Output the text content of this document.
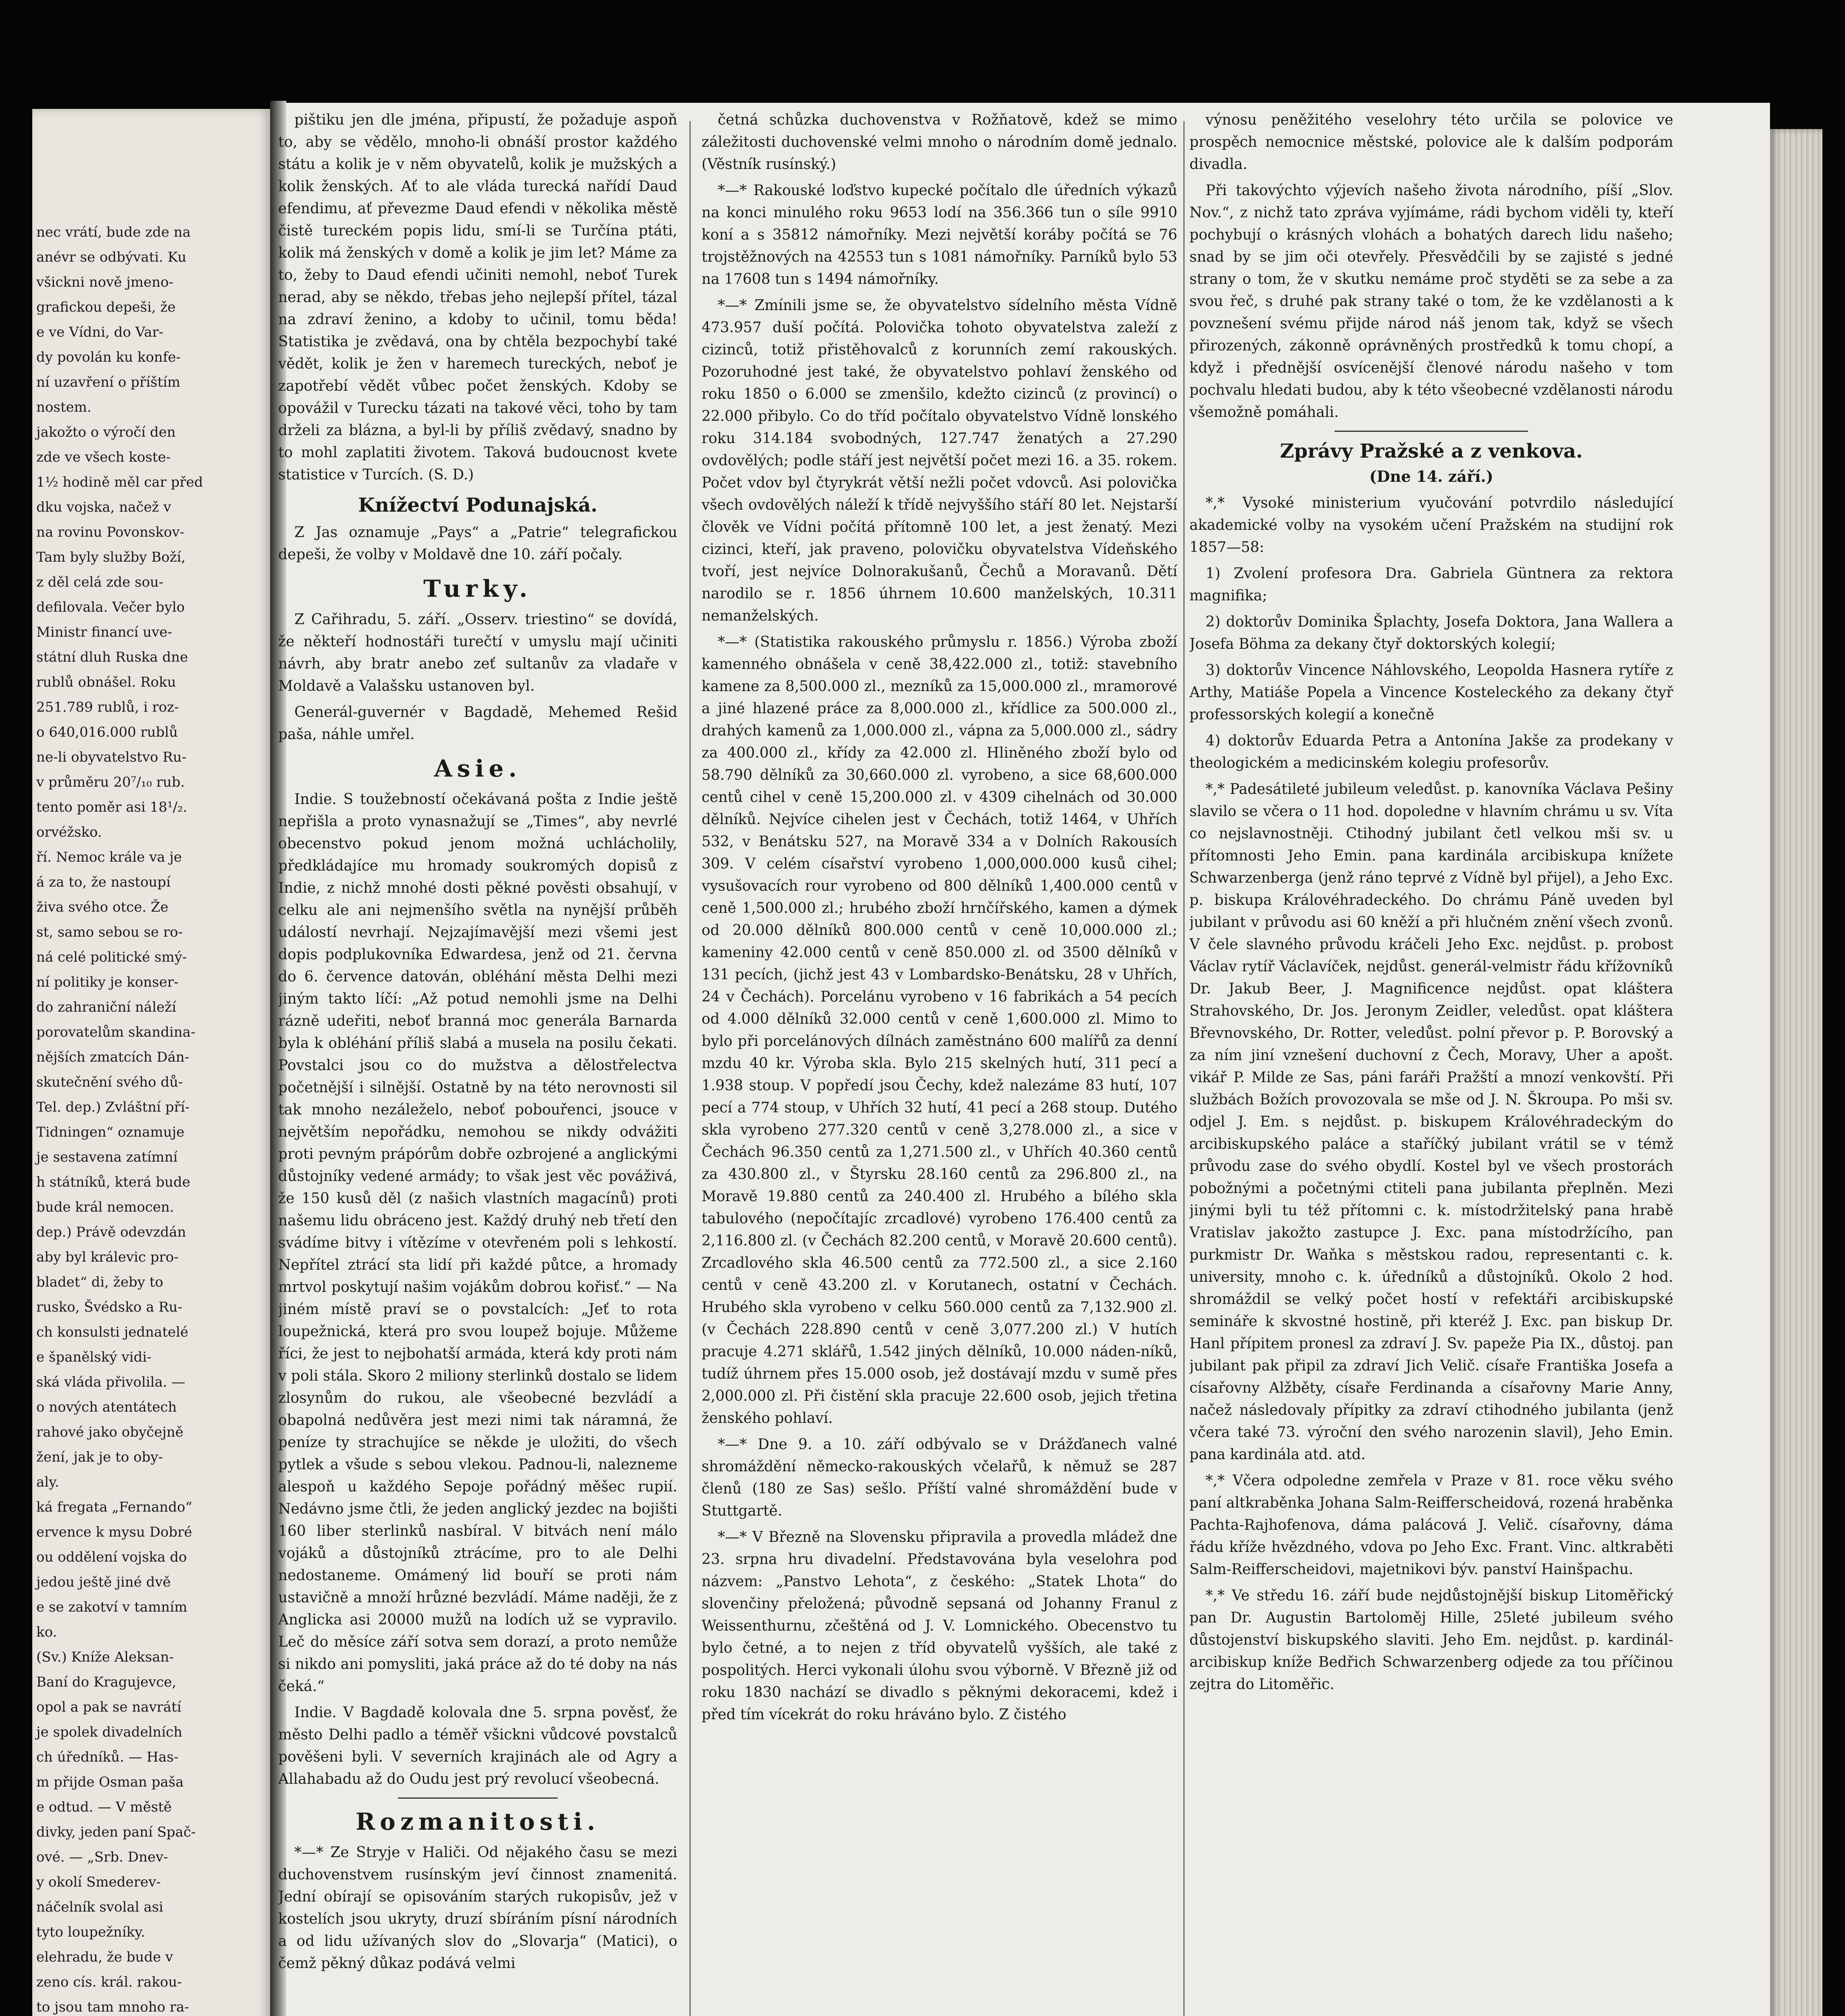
nec vrátí, bude zde na

anévr se odbývati. Ku

všickni nově jmeno-

grafickou depeši, že

e ve Vídni, do Var-

dy povolán ku konfe-

ní uzavření o příštím

nostem.

jakožto o výročí den

zde ve všech koste-

1½ hodině měl car před

dku vojska, načež v

na rovinu Povonskov-

Tam byly služby Boží,

z děl celá zde sou-

defilovala. Večer bylo

Ministr financí uve-

státní dluh Ruska dne

rublů obnášel. Roku

251.789 rublů, i roz-

o 640,016.000 rublů

ne-li obyvatelstvo Ru-

v průměru 20⁷/₁₀ rub.

tento poměr asi 18¹/₂.

orvéžsko.

ří. Nemoc krále va je

á za to, že nastoupí

živa svého otce. Že

st, samo sebou se ro-

ná celé politické smý-

ní politiky je konser-

do zahraniční náleží

porovatelům skandina-

nějších zmatcích Dán-

skutečnění svého dů-

Tel. dep.) Zvláštní pří-

Tidningen“ oznamuje

je sestavena zatímní

h státníků, která bude

bude král nemocen.

dep.) Právě odevzdán

aby byl králevic pro-

bladet“ di, žeby to

rusko, Švédsko a Ru-

ch konsulsti jednatelé

e španělský vidi-

ská vláda přivolila. —

o nových atentátech

rahové jako obyčejně

žení, jak je to oby-

aly.

ká fregata „Fernando“

ervence k mysu Dobré

ou oddělení vojska do

jedou ještě jiné dvě

e se zakotví v tamním

ko.

(Sv.) Kníže Aleksan-

Baní do Kragujevce,

opol a pak se navrátí

je spolek divadelních

ch úředníků. — Has-

m přijde Osman paša

e odtud. — V městě

divky, jeden paní Spač-

ové. — „Srb. Dnev-

y okolí Smederev-

náčelník svolal asi

tyto loupežníky.

elehradu, že bude v

zeno cís. král. rakou-

to jsou tam mnoho ra-

pištiku jen dle jména, připustí, že požaduje aspoň to, aby se vědělo, mnoho-li obnáší prostor každého státu a kolik je v něm obyvatelů, kolik je mužských a kolik ženských. Ať to ale vláda turecká nařídí Daud efendimu, ať převezme Daud efendi v několika městě čistě tureckém popis lidu, smí-li se Turčína ptáti, kolik má ženských v domě a kolik je jim let? Máme za to, žeby to Daud efendi učiniti nemohl, neboť Turek nerad, aby se někdo, třebas jeho nejlepší přítel, tázal na zdraví ženino, a kdoby to učinil, tomu běda! Statistika je zvědavá, ona by chtěla bezpochybí také vědět, kolik je žen v haremech tureckých, neboť je zapotřebí vědět vůbec počet ženských. Kdoby se opovážil v Turecku tázati na takové věci, toho by tam drželi za blázna, a byl-li by příliš zvědavý, snadno by to mohl zaplatiti životem. Taková budoucnost kvete statistice v Turcích. (S. D.)

Knížectví Podunajská.

Z Jas oznamuje „Pays“ a „Patrie“ telegrafickou depeši, že volby v Moldavě dne 10. září počaly.

Turky.

Z Cařihradu, 5. září. „Osserv. triestino“ se dovídá, že někteří hodnostáři turečtí v umyslu mají učiniti návrh, aby bratr anebo zeť sultanův za vladaře v Moldavě a Valašsku ustanoven byl.

Generál-guvernér v Bagdadě, Mehemed Rešid paša, náhle umřel.

Asie.

Indie. S toužebností očekávaná pošta z Indie ještě nepřišla a proto vynasnažují se „Times“, aby nevrlé obecenstvo pokud jenom možná uchlácholily, předkládajíce mu hromady soukromých dopisů z Indie, z nichž mnohé dosti pěkné pověsti obsahují, v celku ale ani nejmenšího světla na nynější průběh událostí nevrhají. Nejzajímavější mezi všemi jest dopis podplukovníka Edwardesa, jenž od 21. června do 6. července datován, obléhání města Delhi mezi jiným takto líčí: „Až potud nemohli jsme na Delhi rázně udeřiti, neboť branná moc generála Barnarda byla k obléhání příliš slabá a musela na posilu čekati. Povstalci jsou co do mužstva a dělostřelectva početnější i silnější. Ostatně by na této nerovnosti sil tak mnoho nezáleželo, neboť pobouřenci, jsouce v největším nepořádku, nemohou se nikdy odvážiti proti pevným prápórům dobře ozbrojené a anglickými důstojníky vedené armády; to však jest věc pováživá, že 150 kusů děl (z našich vlastních magacínů) proti našemu lidu obráceno jest. Každý druhý neb třetí den svádíme bitvy i vítězíme v otevřeném poli s lehkostí. Nepřítel ztrácí sta lidí při každé půtce, a hromady mrtvol poskytují našim vojákům dobrou kořisť.“ — Na jiném místě praví se o povstalcích: „Jeť to rota loupežnická, která pro svou loupež bojuje. Můžeme říci, že jest to nejbohatší armáda, která kdy proti nám v poli stála. Skoro 2 miliony sterlinků dostalo se lidem zlosynům do rukou, ale všeobecné bezvládí a obapolná nedůvěra jest mezi nimi tak náramná, že peníze ty strachujíce se někde je uložiti, do všech pytlek a všude s sebou vlekou. Padnou-li, nalezneme alespoň u každého Sepoje pořádný měšec rupií. Nedávno jsme čtli, že jeden anglický jezdec na bojišti 160 liber sterlinků nasbíral. V bitvách není málo vojáků a důstojníků ztrácíme, pro to ale Delhi nedostaneme. Omámený lid bouří se proti nám ustavičně a množí hrůzné bezvládí. Máme naději, že z Anglicka asi 20000 mužů na lodích už se vypravilo. Leč do měsíce září sotva sem dorazí, a proto nemůže si nikdo ani pomysliti, jaká práce až do té doby na nás čeká.“

Indie. V Bagdadě kolovala dne 5. srpna pověsť, že město Delhi padlo a téměř všickni vůdcové povstalců pověšeni byli. V severních krajinách ale od Agry a Allahabadu až do Oudu jest prý revolucí všeobecná.

Rozmanitosti.

*—* Ze Stryje v Haliči. Od nějakého času se mezi duchovenstvem rusínským jeví činnost znamenitá. Jední obírají se opisováním starých rukopisův, jež v kostelích jsou ukryty, druzí sbíráním písní národních a od lidu užívaných slov do „Slovarja“ (Matici), o čemž pěkný důkaz podává velmi

četná schůzka duchovenstva v Rožňatově, kdež se mimo záležitosti duchovenské velmi mnoho o národním domě jednalo. (Věstník rusínský.)

*—* Rakouské loďstvo kupecké počítalo dle úředních výkazů na konci minulého roku 9653 lodí na 356.366 tun o síle 9910 koní a s 35812 námořníky. Mezi největší koráby počítá se 76 trojstěžnových na 42553 tun s 1081 námořníky. Parníků bylo 53 na 17608 tun s 1494 námořníky.

*—* Zmínili jsme se, že obyvatelstvo sídelního města Vídně 473.957 duší počítá. Polovička tohoto obyvatelstva zaleží z cizinců, totiž přistěhovalců z korunních zemí rakouských. Pozoruhodné jest také, že obyvatelstvo pohlaví ženského od roku 1850 o 6.000 se zmenšilo, kdežto cizinců (z provincí) o 22.000 přibylo. Co do tříd počítalo obyvatelstvo Vídně lonského roku 314.184 svobodných, 127.747 ženatých a 27.290 ovdovělých; podle stáří jest největší počet mezi 16. a 35. rokem. Počet vdov byl čtyrykrát větší nežli počet vdovců. Asi polovička všech ovdovělých náleží k třídě nejvyššího stáří 80 let. Nejstarší člověk ve Vídni počítá přítomně 100 let, a jest ženatý. Mezi cizinci, kteří, jak praveno, polovičku obyvatelstva Vídeňského tvoří, jest nejvíce Dolnorakušanů, Čechů a Moravanů. Dětí narodilo se r. 1856 úhrnem 10.600 manželských, 10.311 nemanželských.

*—* (Statistika rakouského průmyslu r. 1856.) Výroba zboží kamenného obnášela v ceně 38,422.000 zl., totiž: stavebního kamene za 8,500.000 zl., mezníků za 15,000.000 zl., mramorové a jiné hlazené práce za 8,000.000 zl., křídlice za 500.000 zl., drahých kamenů za 1,000.000 zl., vápna za 5,000.000 zl., sádry za 400.000 zl., křídy za 42.000 zl. Hliněného zboží bylo od 58.790 dělníků za 30,660.000 zl. vyrobeno, a sice 68,600.000 centů cihel v ceně 15,200.000 zl. v 4309 cihelnách od 30.000 dělníků. Nejvíce cihelen jest v Čechách, totiž 1464, v Uhřích 532, v Benátsku 527, na Moravě 334 a v Dolních Rakousích 309. V celém císařství vyrobeno 1,000,000.000 kusů cihel; vysušovacích rour vyrobeno od 800 dělníků 1,400.000 centů v ceně 1,500.000 zl.; hrubého zboží hrnčířského, kamen a dýmek od 20.000 dělníků 800.000 centů v ceně 10,000.000 zl.; kameniny 42.000 centů v ceně 850.000 zl. od 3500 dělníků v 131 pecích, (jichž jest 43 v Lombardsko-Benátsku, 28 v Uhřích, 24 v Čechách). Porcelánu vyrobeno v 16 fabrikách a 54 pecích od 4.000 dělníků 32.000 centů v ceně 1,600.000 zl. Mimo to bylo při porcelánových dílnách zaměstnáno 600 malířů za denní mzdu 40 kr. Výroba skla. Bylo 215 skelných hutí, 311 pecí a 1.938 stoup. V popředí jsou Čechy, kdež nalezáme 83 hutí, 107 pecí a 774 stoup, v Uhřích 32 hutí, 41 pecí a 268 stoup. Dutého skla vyrobeno 277.320 centů v ceně 3,278.000 zl., a sice v Čechách 96.350 centů za 1,271.500 zl., v Uhřích 40.360 centů za 430.800 zl., v Štyrsku 28.160 centů za 296.800 zl., na Moravě 19.880 centů za 240.400 zl. Hrubého a bílého skla tabulového (nepočítajíc zrcadlové) vyrobeno 176.400 centů za 2,116.800 zl. (v Čechách 82.200 centů, v Moravě 20.600 centů). Zrcadlového skla 46.500 centů za 772.500 zl., a sice 2.160 centů v ceně 43.200 zl. v Korutanech, ostatní v Čechách. Hrubého skla vyrobeno v celku 560.000 centů za 7,132.900 zl. (v Čechách 228.890 centů v ceně 3,077.200 zl.) V hutích pracuje 4.271 sklářů, 1.542 jiných dělníků, 10.000 náden-níků, tudíž úhrnem přes 15.000 osob, jež dostávají mzdu v sumě přes 2,000.000 zl. Při čistění skla pracuje 22.600 osob, jejich třetina ženského pohlaví.

*—* Dne 9. a 10. září odbývalo se v Drážďanech valné shromáždění německo-rakouských včelařů, k němuž se 287 členů (180 ze Sas) sešlo. Příští valné shromáždění bude v Stuttgartě.

*—* V Březně na Slovensku připravila a provedla mládež dne 23. srpna hru divadelní. Představována byla veselohra pod názvem: „Panstvo Lehota“, z českého: „Statek Lhota“ do slovenčiny přeložená; původně sepsaná od Johanny Franul z Weissenthurnu, zčeštěná od J. V. Lomnického. Obecenstvo tu bylo četné, a to nejen z tříd obyvatelů vyšších, ale také z pospolitých. Herci vykonali úlohu svou výborně. V Březně již od roku 1830 nachází se divadlo s pěknými dekoracemi, kdež i před tím vícekrát do roku hráváno bylo. Z čistého

výnosu peněžitého veselohry této určila se polovice ve prospěch nemocnice městské, polovice ale k dalším podporám divadla.

Při takovýchto výjevích našeho života národního, píší „Slov. Nov.“, z nichž tato zpráva vyjímáme, rádi bychom viděli ty, kteří pochybují o krásných vlohách a bohatých darech lidu našeho; snad by se jim oči otevřely. Přesvědčili by se zajisté s jedné strany o tom, že v skutku nemáme proč styděti se za sebe a za svou řeč, s druhé pak strany také o tom, že ke vzdělanosti a k povznešení svému přijde národ náš jenom tak, když se všech přirozených, zákonně oprávněných prostředků k tomu chopí, a když i přednější osvícenější členové národu našeho v tom pochvalu hledati budou, aby k této všeobecné vzdělanosti národu všemožně pomáhali.

Zprávy Pražské a z venkova.
(Dne 14. září.)

*,* Vysoké ministerium vyučování potvrdilo následující akademické volby na vysokém učení Pražském na studijní rok 1857—58:

1) Zvolení profesora Dra. Gabriela Güntnera za rektora magnifika;

2) doktorův Dominika Šplachty, Josefa Doktora, Jana Wallera a Josefa Böhma za dekany čtyř doktorských kolegií;

3) doktorův Vincence Náhlovského, Leopolda Hasnera rytíře z Arthy, Matiáše Popela a Vincence Kosteleckého za dekany čtyř professorských kolegií a konečně

4) doktorův Eduarda Petra a Antonína Jakše za prodekany v theologickém a medicinském kolegiu profesorův.

*,* Padesátileté jubileum veledůst. p. kanovníka Václava Pešiny slavilo se včera o 11 hod. dopoledne v hlavním chrámu u sv. Víta co nejslavnostněji. Ctihodný jubilant četl velkou mši sv. u přítomnosti Jeho Emin. pana kardinála arcibiskupa knížete Schwarzenberga (jenž ráno teprvé z Vídně byl přijel), a Jeho Exc. p. biskupa Královéhradeckého. Do chrámu Páně uveden byl jubilant v průvodu asi 60 kněží a při hlučném znění všech zvonů. V čele slavného průvodu kráčeli Jeho Exc. nejdůst. p. probost Václav rytíř Václavíček, nejdůst. generál-velmistr řádu křížovníků Dr. Jakub Beer, J. Magnificence nejdůst. opat kláštera Strahovského, Dr. Jos. Jeronym Zeidler, veledůst. opat kláštera Břevnovského, Dr. Rotter, veledůst. polní převor p. P. Borovský a za ním jiní vznešení duchovní z Čech, Moravy, Uher a apošt. vikář P. Milde ze Sas, páni faráři Pražští a mnozí venkovští. Při službách Božích provozovala se mše od J. N. Škroupa. Po mši sv. odjel J. Em. s nejdůst. p. biskupem Královéhradeckým do arcibiskupského paláce a staříčký jubilant vrátil se v témž průvodu zase do svého obydlí. Kostel byl ve všech prostorách pobožnými a početnými ctiteli pana jubilanta přeplněn. Mezi jinými byli tu též přítomni c. k. místodržitelský pana hrabě Vratislav jakožto zastupce J. Exc. pana místodržícího, pan purkmistr Dr. Waňka s městskou radou, representanti c. k. university, mnoho c. k. úředníků a důstojníků. Okolo 2 hod. shromáždil se velký počet hostí v refektáři arcibiskupské semináře k skvostné hostině, při kteréž J. Exc. pan biskup Dr. Hanl přípitem pronesl za zdraví J. Sv. papeže Pia IX., důstoj. pan jubilant pak připil za zdraví Jich Velič. císaře Františka Josefa a císařovny Alžběty, císaře Ferdinanda a císařovny Marie Anny, načež následovaly přípitky za zdraví ctihodného jubilanta (jenž včera také 73. výroční den svého narozenin slavil), Jeho Emin. pana kardinála atd. atd.

*,* Včera odpoledne zemřela v Praze v 81. roce věku svého paní altkraběnka Johana Salm-Reifferscheidová, rozená hraběnka Pachta-Rajhofenova, dáma palácová J. Velič. císařovny, dáma řádu kříže hvězdného, vdova po Jeho Exc. Frant. Vinc. altkraběti Salm-Reifferscheidovi, majetnikovi býv. panství Hainšpachu.

*,* Ve středu 16. září bude nejdůstojnější biskup Litoměřický pan Dr. Augustin Bartoloměj Hille, 25leté jubileum svého důstojenství biskupského slaviti. Jeho Em. nejdůst. p. kardinál-arcibiskup kníže Bedřich Schwarzenberg odjede za tou příčinou zejtra do Litoměřic.
